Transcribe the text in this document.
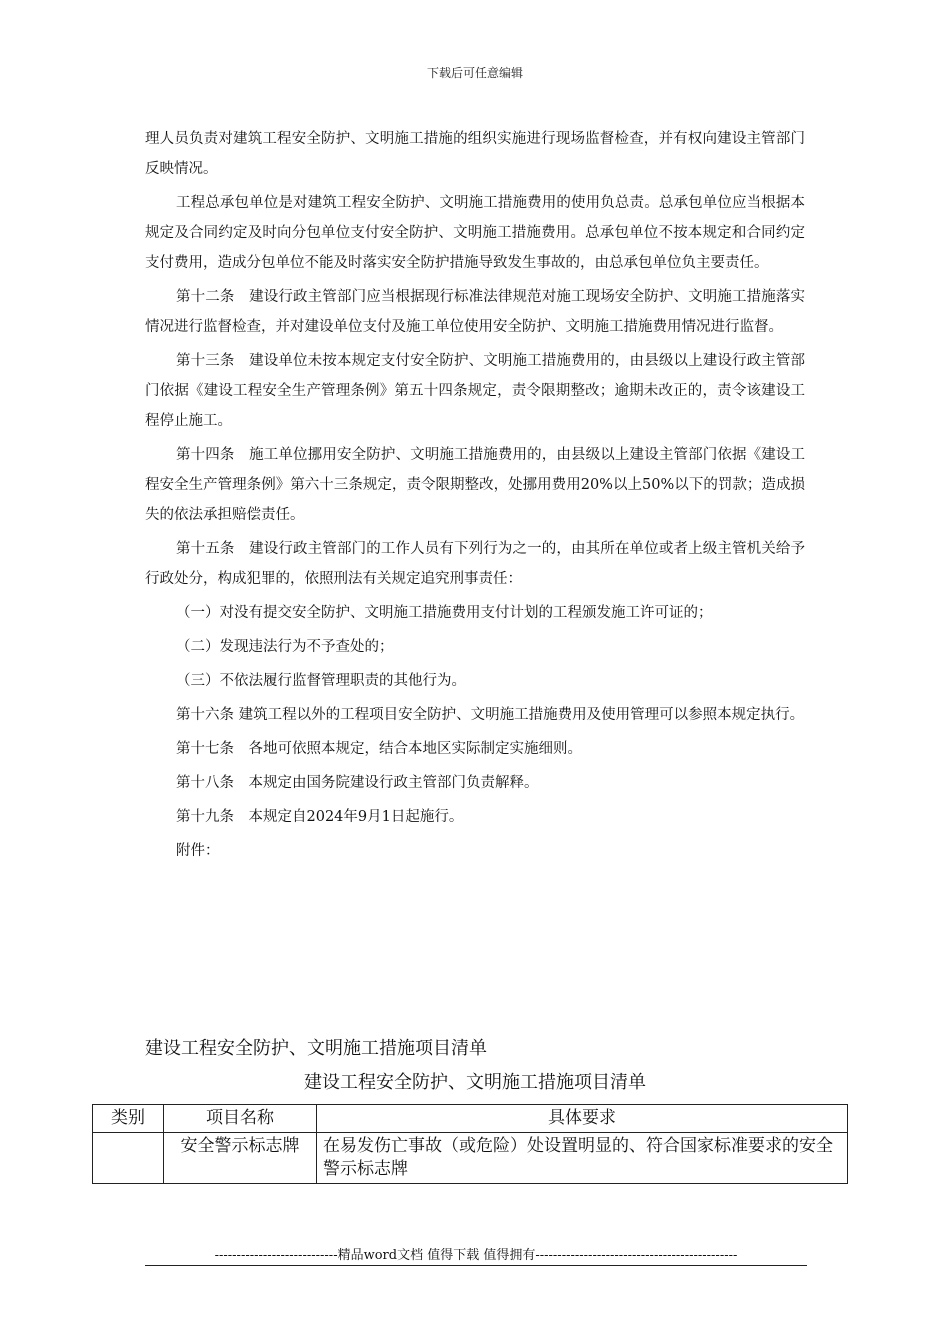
下载后可任意编辑

理人员负责对建筑工程安全防护、文明施工措施的组织实施进行现场监督检查，并有权向建设主管部门反映情况。

工程总承包单位是对建筑工程安全防护、文明施工措施费用的使用负总责。总承包单位应当根据本规定及合同约定及时向分包单位支付安全防护、文明施工措施费用。总承包单位不按本规定和合同约定支付费用，造成分包单位不能及时落实安全防护措施导致发生事故的，由总承包单位负主要责任。

第十二条　建设行政主管部门应当根据现行标准法律规范对施工现场安全防护、文明施工措施落实情况进行监督检查，并对建设单位支付及施工单位使用安全防护、文明施工措施费用情况进行监督。

第十三条　建设单位未按本规定支付安全防护、文明施工措施费用的，由县级以上建设行政主管部门依据《建设工程安全生产管理条例》第五十四条规定，责令限期整改；逾期未改正的，责令该建设工程停止施工。

第十四条　施工单位挪用安全防护、文明施工措施费用的，由县级以上建设主管部门依据《建设工程安全生产管理条例》第六十三条规定，责令限期整改，处挪用费用20%以上50%以下的罚款；造成损失的依法承担赔偿责任。

第十五条　建设行政主管部门的工作人员有下列行为之一的，由其所在单位或者上级主管机关给予行政处分，构成犯罪的，依照刑法有关规定追究刑事责任：

（一）对没有提交安全防护、文明施工措施费用支付计划的工程颁发施工许可证的；

（二）发现违法行为不予查处的；

（三）不依法履行监督管理职责的其他行为。

第十六条 建筑工程以外的工程项目安全防护、文明施工措施费用及使用管理可以参照本规定执行。

第十七条　各地可依照本规定，结合本地区实际制定实施细则。

第十八条　本规定由国务院建设行政主管部门负责解释。

第十九条　本规定自2024年9月1日起施行。

附件：

建设工程安全防护、文明施工措施项目清单
建设工程安全防护、文明施工措施项目清单
类别	项目名称	具体要求
	安全警示标志牌	在易发伤亡事故（或危险）处设置明显的、符合国家标准要求的安全警示标志牌
----------------------------精品word文档 值得下载 值得拥有----------------------------------------------
